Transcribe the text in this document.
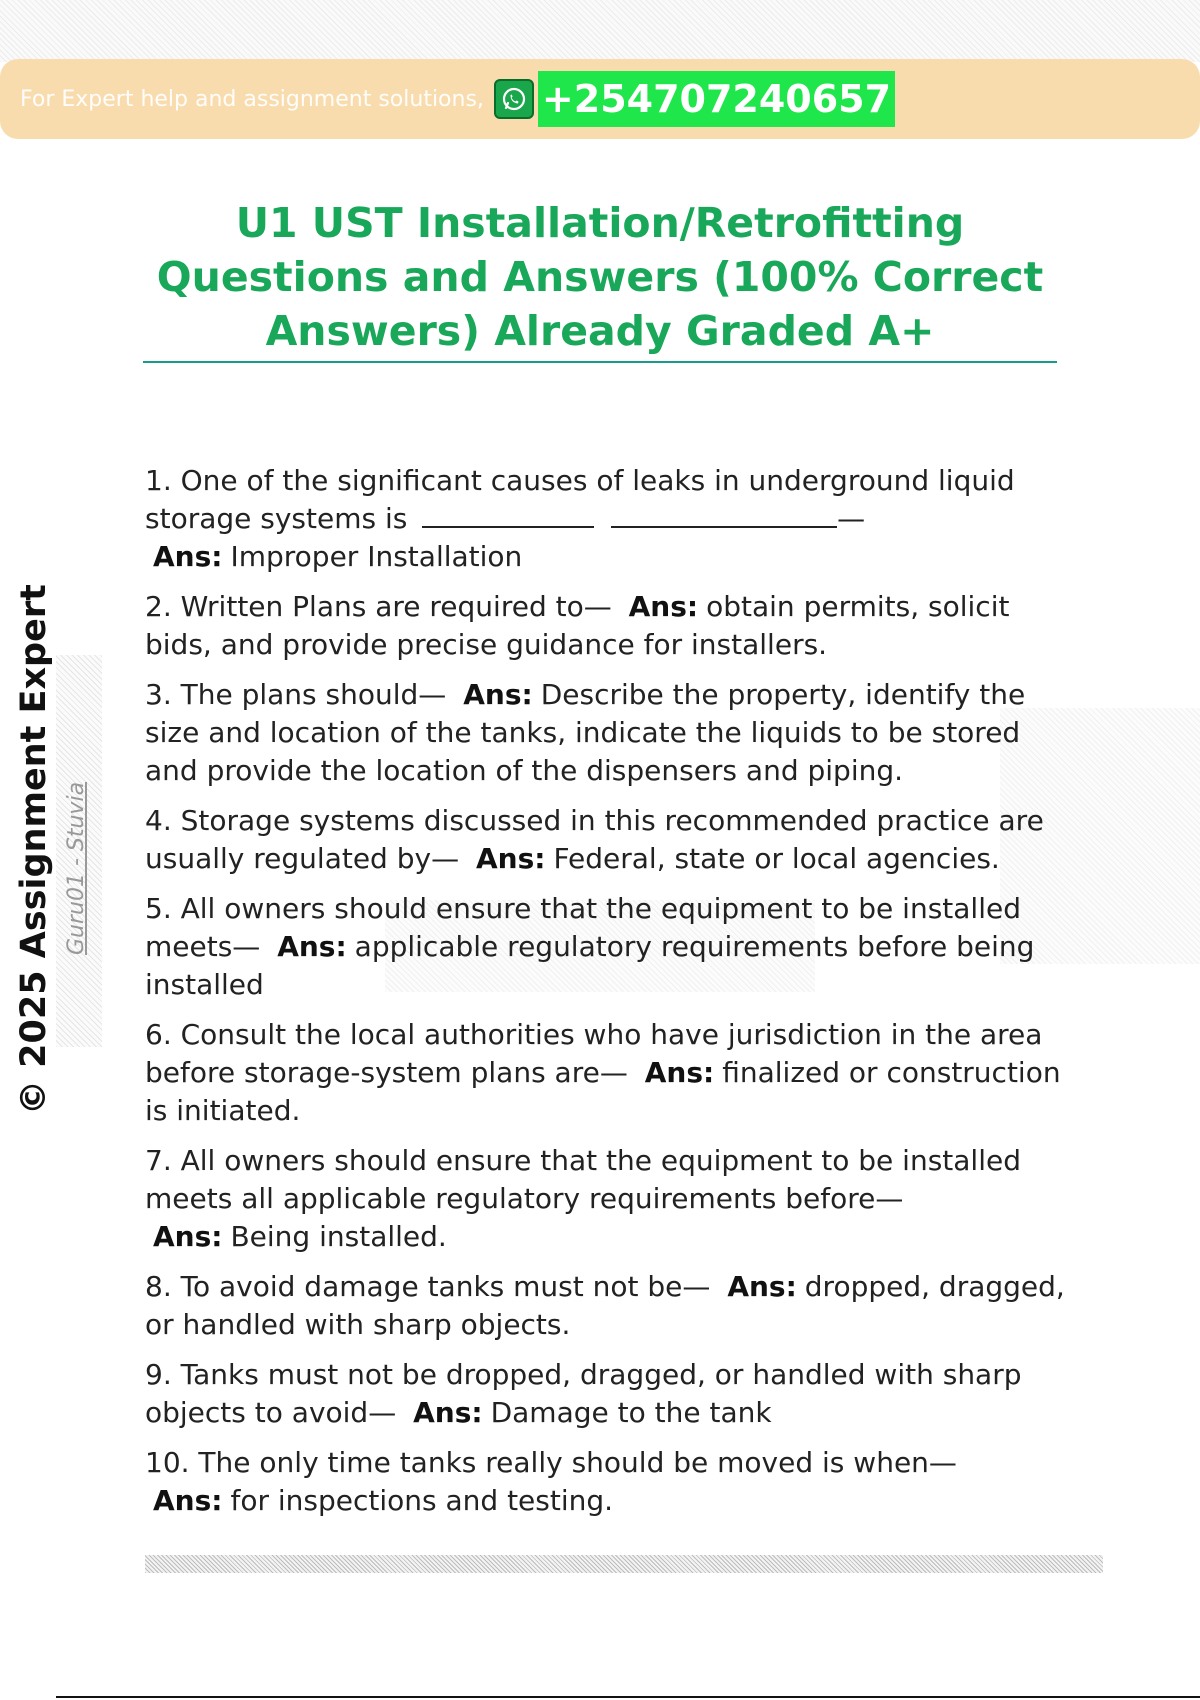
For Expert help and assignment solutions, +254707240657
U1 UST Installation/Retrofitting Questions and Answers (100% Correct Answers) Already Graded A+
© 2025 Assignment Expert Guru01 - Stuvia

1. One of the significant causes of leaks in underground liquid storage systems is	— Ans: Improper Installation

2. Written Plans are required to— Ans: obtain permits, solicit bids, and provide precise guidance for installers.

3. The plans should— Ans: Describe the property, identify the size and location of the tanks, indicate the liquids to be stored and provide the location of the dispensers and piping.

4. Storage systems discussed in this recommended practice are usually regulated by— Ans: Federal, state or local agencies.

5. All owners should ensure that the equipment to be installed meets— Ans: applicable regulatory requirements before being installed

6. Consult the local authorities who have jurisdiction in the area before storage-system plans are— Ans: finalized or construction is initiated.

7. All owners should ensure that the equipment to be installed meets all applicable regulatory requirements before— Ans: Being installed.

8. To avoid damage tanks must not be— Ans: dropped, dragged, or handled with sharp objects.

9. Tanks must not be dropped, dragged, or handled with sharp objects to avoid— Ans: Damage to the tank

10. The only time tanks really should be moved is when— Ans: for inspections and testing.
